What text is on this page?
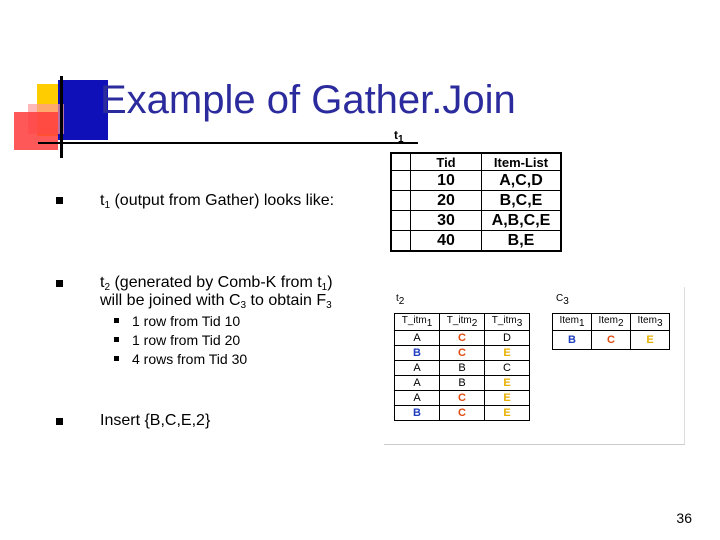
Example of Gather.Join
$t_1$ (output from Gather) looks like:
$t_2$ (generated by Comb-K from $t_1$)
will be joined with $C_3$ to obtain $F_3$
1 row from Tid 10
1 row from Tid 20
4 rows from Tid 30
Insert {B,C,E,2}
$t_1$
	Tid	Item-List
	10	A,C,D
	20	B,C,E
	30	A,B,C,E
	40	B,E
$t_2$	$C_3$
T_itm$_1$	T_itm$_2$	T_itm$_3$
A	C	D
B	C	E
A	B	C
A	B	E
A	C	E
B	C	E
Item$_1$	Item$_2$	Item$_3$
B	C	E
36
